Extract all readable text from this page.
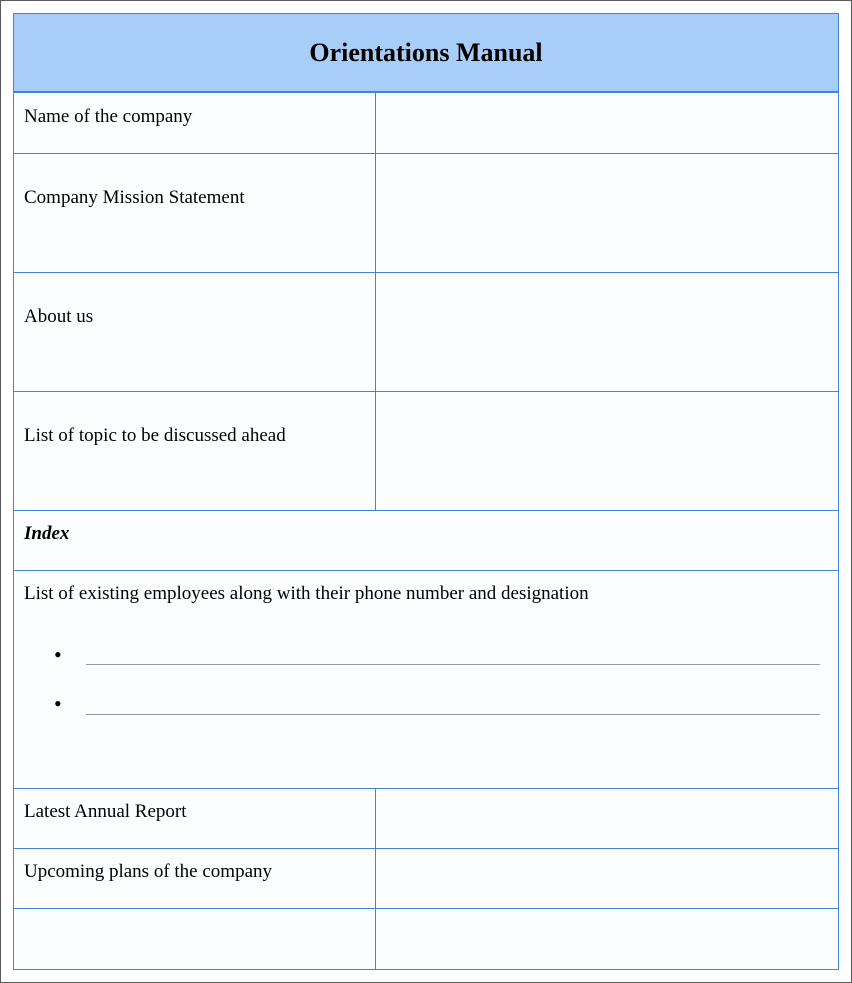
Orientations Manual
Name of the company
Company Mission Statement
About us
List of topic to be discussed ahead
Index
List of existing employees along with their phone number and designation
•
•
Latest Annual Report
Upcoming plans of the company
